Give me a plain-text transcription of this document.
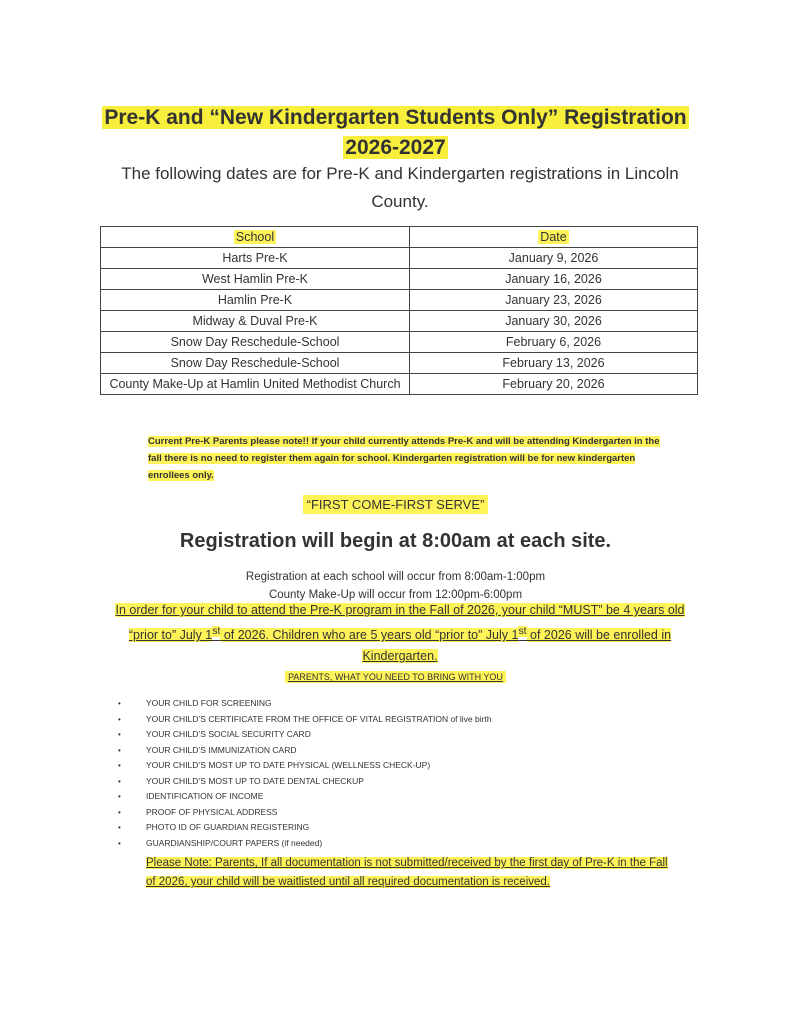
Pre-K and “New Kindergarten Students Only” Registration
2026-2027
The following dates are for Pre-K and Kindergarten registrations in Lincoln County.
School	Date
Harts Pre-K	January 9, 2026
West Hamlin Pre-K	January 16, 2026
Hamlin Pre-K	January 23, 2026
Midway & Duval Pre-K	January 30, 2026
Snow Day Reschedule-School	February 6, 2026
Snow Day Reschedule-School	February 13, 2026
County Make-Up at Hamlin United Methodist Church	February 20, 2026
Current Pre-K Parents please note!! If your child currently attends Pre-K and will be attending Kindergarten in the fall there is no need to register them again for school. Kindergarten registration will be for new kindergarten enrollees only.
“FIRST COME-FIRST SERVE”
Registration will begin at 8:00am at each site.
Registration at each school will occur from 8:00am-1:00pm
County Make-Up will occur from 12:00pm-6:00pm
In order for your child to attend the Pre-K program in the Fall of 2026, your child “MUST” be 4 years old “prior to” July 1st of 2026. Children who are 5 years old “prior to” July 1st of 2026 will be enrolled in Kindergarten.
PARENTS, WHAT YOU NEED TO BRING WITH YOU
•	YOUR CHILD FOR SCREENING
•	YOUR CHILD’S CERTIFICATE FROM THE OFFICE OF VITAL REGISTRATION of live birth
•	YOUR CHILD’S SOCIAL SECURITY CARD
•	YOUR CHILD’S IMMUNIZATION CARD
•	YOUR CHILD’S MOST UP TO DATE PHYSICAL (WELLNESS CHECK-UP)
•	YOUR CHILD’S MOST UP TO DATE DENTAL CHECKUP
•	IDENTIFICATION OF INCOME
•	PROOF OF PHYSICAL ADDRESS
•	PHOTO ID OF GUARDIAN REGISTERING
•	GUARDIANSHIP/COURT PAPERS (if needed)
Please Note: Parents, If all documentation is not submitted/received by the first day of Pre-K in the Fall of 2026, your child will be waitlisted until all required documentation is received.
